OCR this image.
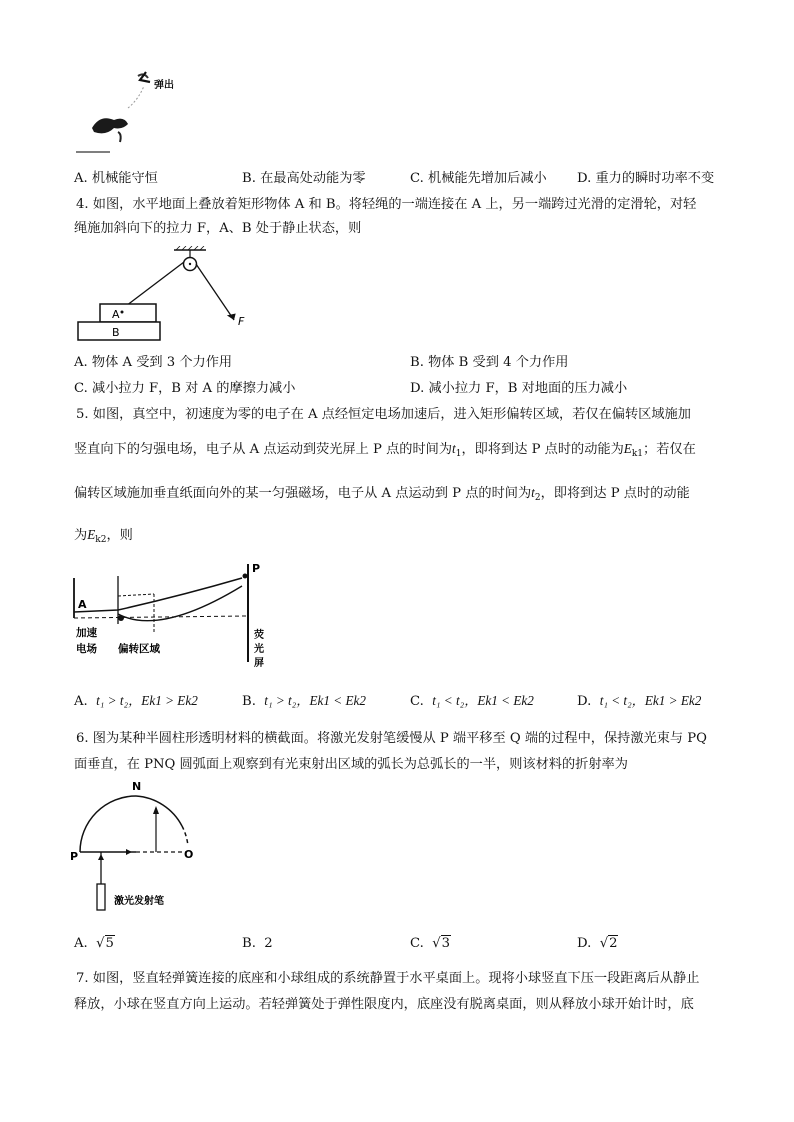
弹出
A. 机械能守恒	B. 在最高处动能为零	C. 机械能先增加后减小 D. 重力的瞬时功率不变
4. 如图，水平地面上叠放着矩形物体 A 和 B。将轻绳的一端连接在 A 上，另一端跨过光滑的定滑轮，对轻
绳施加斜向下的拉力 F，A、B 处于静止状态，则
F
A
B
A. 物体 A 受到 3 个力作用	B. 物体 B 受到 4 个力作用
C. 减小拉力 F，B 对 A 的摩擦力减小	D. 减小拉力 F，B 对地面的压力减小
5. 如图，真空中，初速度为零的电子在 A 点经恒定电场加速后，进入矩形偏转区域，若仅在偏转区域施加
竖直向下的匀强电场，电子从 A 点运动到荧光屏上 P 点的时间为$t_1$，即将到达 P 点时的动能为$E_{k1}$；若仅在
偏转区域施加垂直纸面向外的某一匀强磁场，电子从 A 点运动到 P 点的时间为$t_2$，即将到达 P 点时的动能
为$E_{k2}$，则
P
A
加速
电场 偏转区域
荧
光
屏
A.  t₁ > t₂，Ek1 > Ek2	B.  t₁ > t₂，Ek1 < Ek2	C.  t₁ < t₂，Ek1 < Ek2	D.  t₁ < t₂，Ek1 > Ek2
6. 图为某种半圆柱形透明材料的横截面。将激光发射笔缓慢从 P 端平移至 Q 端的过程中，保持激光束与 PQ
面垂直，在 PNQ 圆弧面上观察到有光束射出区域的弧长为总弧长的一半，则该材料的折射率为
N
P	O
激光发射笔
A.  √5	B.  2	C.  √3	D.  √2
7. 如图，竖直轻弹簧连接的底座和小球组成的系统静置于水平桌面上。现将小球竖直下压一段距离后从静止
释放，小球在竖直方向上运动。若轻弹簧处于弹性限度内，底座没有脱离桌面，则从释放小球开始计时，底
